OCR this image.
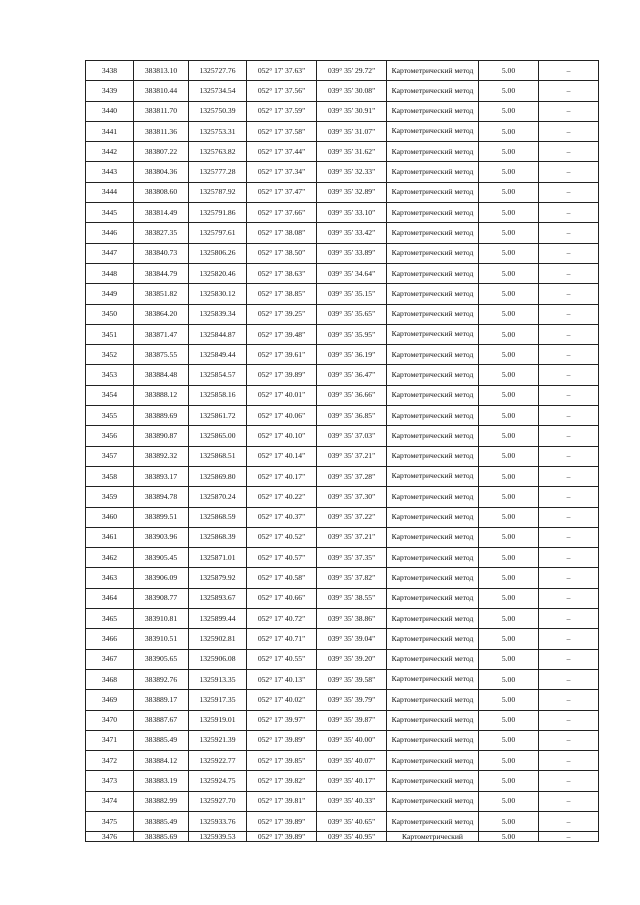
3438	383813.10	1325727.76	052° 17' 37.63"	039° 35' 29.72"	Картометрический метод	5.00	–
3439	383810.44	1325734.54	052° 17' 37.56"	039° 35' 30.08"	Картометрический метод	5.00	–
3440	383811.70	1325750.39	052° 17' 37.59"	039° 35' 30.91"	Картометрический метод	5.00	–
3441	383811.36	1325753.31	052° 17' 37.58"	039° 35' 31.07"	Картометрический метод	5.00	–
3442	383807.22	1325763.82	052° 17' 37.44"	039° 35' 31.62"	Картометрический метод	5.00	–
3443	383804.36	1325777.28	052° 17' 37.34"	039° 35' 32.33"	Картометрический метод	5.00	–
3444	383808.60	1325787.92	052° 17' 37.47"	039° 35' 32.89"	Картометрический метод	5.00	–
3445	383814.49	1325791.86	052° 17' 37.66"	039° 35' 33.10"	Картометрический метод	5.00	–
3446	383827.35	1325797.61	052° 17' 38.08"	039° 35' 33.42"	Картометрический метод	5.00	–
3447	383840.73	1325806.26	052° 17' 38.50"	039° 35' 33.89"	Картометрический метод	5.00	–
3448	383844.79	1325820.46	052° 17' 38.63"	039° 35' 34.64"	Картометрический метод	5.00	–
3449	383851.82	1325830.12	052° 17' 38.85"	039° 35' 35.15"	Картометрический метод	5.00	–
3450	383864.20	1325839.34	052° 17' 39.25"	039° 35' 35.65"	Картометрический метод	5.00	–
3451	383871.47	1325844.87	052° 17' 39.48"	039° 35' 35.95"	Картометрический метод	5.00	–
3452	383875.55	1325849.44	052° 17' 39.61"	039° 35' 36.19"	Картометрический метод	5.00	–
3453	383884.48	1325854.57	052° 17' 39.89"	039° 35' 36.47"	Картометрический метод	5.00	–
3454	383888.12	1325858.16	052° 17' 40.01"	039° 35' 36.66"	Картометрический метод	5.00	–
3455	383889.69	1325861.72	052° 17' 40.06"	039° 35' 36.85"	Картометрический метод	5.00	–
3456	383890.87	1325865.00	052° 17' 40.10"	039° 35' 37.03"	Картометрический метод	5.00	–
3457	383892.32	1325868.51	052° 17' 40.14"	039° 35' 37.21"	Картометрический метод	5.00	–
3458	383893.17	1325869.80	052° 17' 40.17"	039° 35' 37.28"	Картометрический метод	5.00	–
3459	383894.78	1325870.24	052° 17' 40.22"	039° 35' 37.30"	Картометрический метод	5.00	–
3460	383899.51	1325868.59	052° 17' 40.37"	039° 35' 37.22"	Картометрический метод	5.00	–
3461	383903.96	1325868.39	052° 17' 40.52"	039° 35' 37.21"	Картометрический метод	5.00	–
3462	383905.45	1325871.01	052° 17' 40.57"	039° 35' 37.35"	Картометрический метод	5.00	–
3463	383906.09	1325879.92	052° 17' 40.58"	039° 35' 37.82"	Картометрический метод	5.00	–
3464	383908.77	1325893.67	052° 17' 40.66"	039° 35' 38.55"	Картометрический метод	5.00	–
3465	383910.81	1325899.44	052° 17' 40.72"	039° 35' 38.86"	Картометрический метод	5.00	–
3466	383910.51	1325902.81	052° 17' 40.71"	039° 35' 39.04"	Картометрический метод	5.00	–
3467	383905.65	1325906.08	052° 17' 40.55"	039° 35' 39.20"	Картометрический метод	5.00	–
3468	383892.76	1325913.35	052° 17' 40.13"	039° 35' 39.58"	Картометрический метод	5.00	–
3469	383889.17	1325917.35	052° 17' 40.02"	039° 35' 39.79"	Картометрический метод	5.00	–
3470	383887.67	1325919.01	052° 17' 39.97"	039° 35' 39.87"	Картометрический метод	5.00	–
3471	383885.49	1325921.39	052° 17' 39.89"	039° 35' 40.00"	Картометрический метод	5.00	–
3472	383884.12	1325922.77	052° 17' 39.85"	039° 35' 40.07"	Картометрический метод	5.00	–
3473	383883.19	1325924.75	052° 17' 39.82"	039° 35' 40.17"	Картометрический метод	5.00	–
3474	383882.99	1325927.70	052° 17' 39.81"	039° 35' 40.33"	Картометрический метод	5.00	–
3475	383885.49	1325933.76	052° 17' 39.89"	039° 35' 40.65"	Картометрический метод	5.00	–
3476	383885.69	1325939.53	052° 17' 39.89"	039° 35' 40.95"	Картометрический	5.00	–
